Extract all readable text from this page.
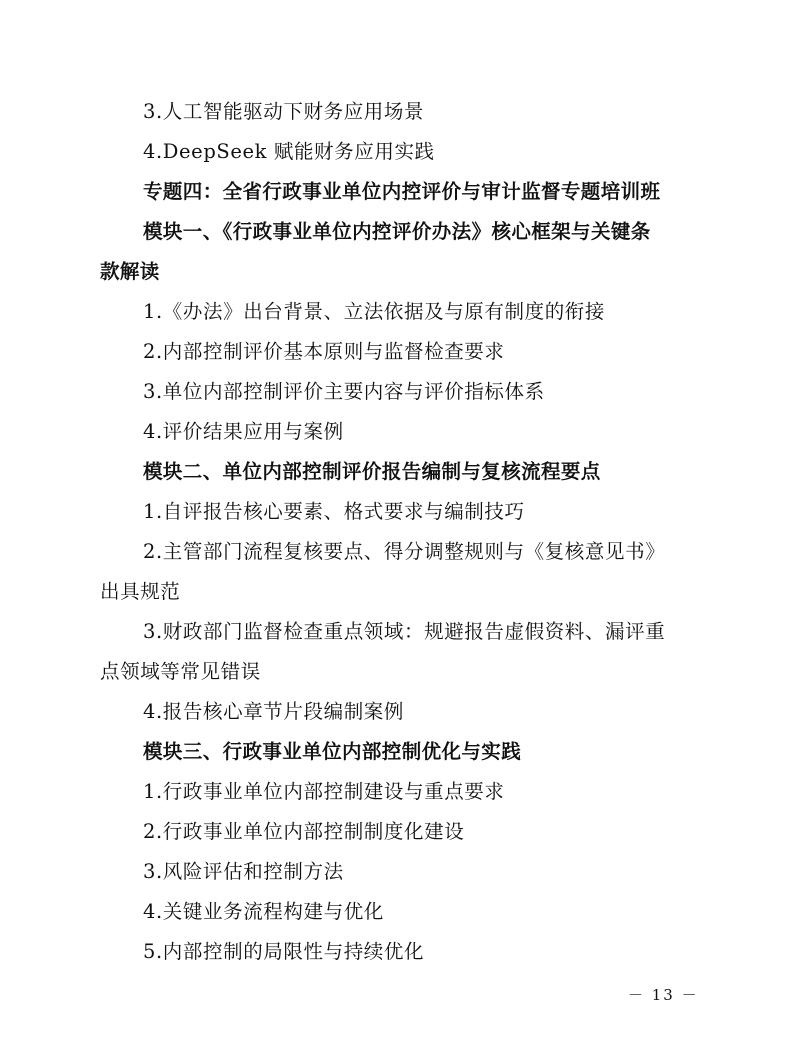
3.人工智能驱动下财务应用场景
4.DeepSeek 赋能财务应用实践
专题四：全省行政事业单位内控评价与审计监督专题培训班
模块一、《行政事业单位内控评价办法》核心框架与关键条
款解读
1.《办法》出台背景、立法依据及与原有制度的衔接
2.内部控制评价基本原则与监督检查要求
3.单位内部控制评价主要内容与评价指标体系
4.评价结果应用与案例
模块二、单位内部控制评价报告编制与复核流程要点
1.自评报告核心要素、格式要求与编制技巧
2.主管部门流程复核要点、得分调整规则与《复核意见书》
出具规范
3.财政部门监督检查重点领域：规避报告虚假资料、漏评重
点领域等常见错误
4.报告核心章节片段编制案例
模块三、行政事业单位内部控制优化与实践
1.行政事业单位内部控制建设与重点要求
2.行政事业单位内部控制制度化建设
3.风险评估和控制方法
4.关键业务流程构建与优化
5.内部控制的局限性与持续优化
－ 13 －
